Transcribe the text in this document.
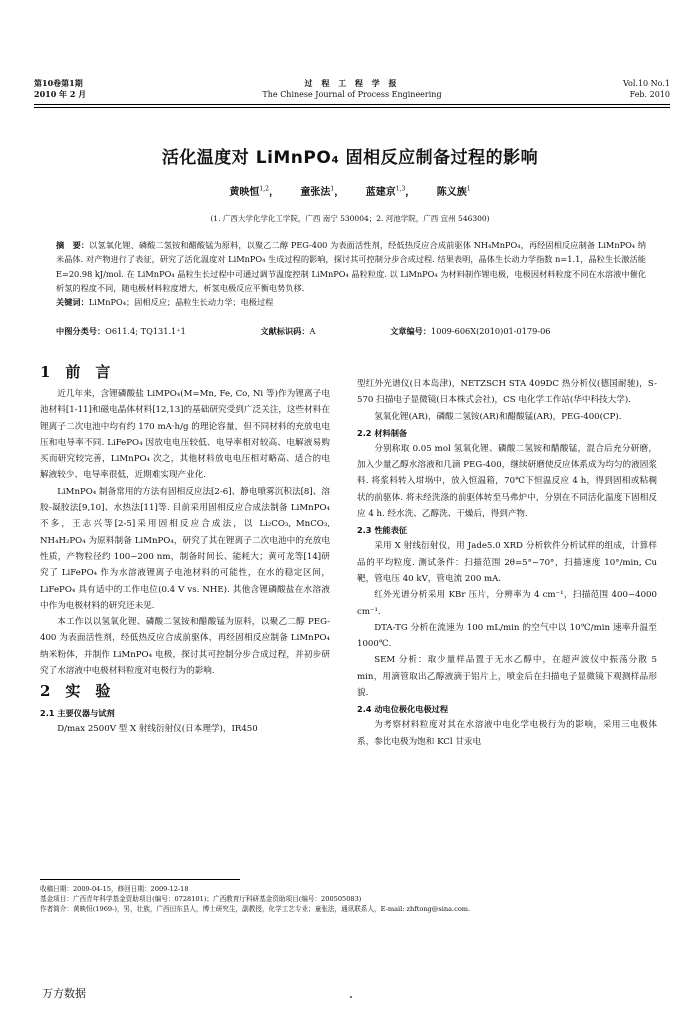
第10卷第1期
2010 年 2 月
过 程 工 程 学 报
The Chinese Journal of Process Engineering
Vol.10 No.1
Feb. 2010
活化温度对 LiMnPO₄ 固相反应制备过程的影响
黄映恒$^{1,2}$， 童张法$^1$， 蓝建京$^{1,3}$， 陈义族$^1$
(1. 广西大学化学化工学院，广西 南宁 530004；2. 河池学院，广西 宜州 546300)
摘　要：以氢氧化锂、磷酸二氢铵和醋酸锰为原料，以聚乙二醇 PEG-400 为表面活性剂，经低热反应合成前驱体 NH₄MnPO₄，再经固相反应制备 LiMnPO₄ 纳米晶体. 对产物进行了表征，研究了活化温度对 LiMnPO₄ 生成过程的影响，探讨其可控制分步合成过程. 结果表明，晶体生长动力学指数 n=1.1，晶粒生长激活能 E=20.98 kJ/mol. 在 LiMnPO₄ 晶粒生长过程中可通过调节温度控制 LiMnPO₄ 晶粒粒度. 以 LiMnPO₄ 为材料制作锂电极，电极因材料粒度不同在水溶液中催化析氢的程度不同，随电极材料粒度增大，析氢电极反应平衡电势负移.
关键词：LiMnPO₄；固相反应；晶粒生长动力学；电极过程
中图分类号：O611.4; TQ131.1⁺1	文献标识码：A	文章编号：1009-606X(2010)01-0179-06
1　前　言

近几年来，含锂磷酸盐 LiMPO₄(M=Mn, Fe, Co, Ni 等)作为锂离子电池材料[1-11]和磁电晶体材料[12,13]的基础研究受到广泛关注，这些材料在锂离子二次电池中均有约 170 mA·h/g 的理论容量，但不同材料的充放电电压和电导率不同. LiFePO₄ 因放电电压较低、电导率相对较高、电解液易购买而研究较完善，LiMnPO₄ 次之，其他材料放电电压相对略高、适合的电解液较少、电导率很低，近期难实现产业化.

LiMnPO₄ 制备常用的方法有固相反应法[2-6]、静电喷雾沉积法[8]、溶胶-凝胶法[9,10]、水热法[11]等. 目前采用固相反应合成法制备 LiMnPO₄ 不多，王志兴等[2-5]采用固相反应合成法，以 Li₂CO₃, MnCO₃, NH₄H₂PO₄ 为原料制备 LiMnPO₄，研究了其在锂离子二次电池中的充放电性质，产物粒径约 100~200 nm，制备时间长、能耗大；黄可龙等[14]研究了 LiFePO₄ 作为水溶液锂离子电池材料的可能性，在水的稳定区间，LiFePO₄ 具有适中的工作电位(0.4 V vs. NHE). 其他含锂磷酸盐在水溶液中作为电极材料的研究还未见.

本工作以以氢氧化锂、磷酸二氢铵和醋酸锰为原料，以聚乙二醇 PEG-400 为表面活性剂，经低热反应合成前驱体，再经固相反应制备 LiMnPO₄ 纳米粉体，并制作 LiMnPO₄ 电极，探讨其可控制分步合成过程，并初步研究了水溶液中电极材料粒度对电极行为的影响.

2　实　验
2.1 主要仪器与试剂

D/max 2500V 型 X 射线衍射仪(日本理学)，IR450

型红外光谱仪(日本岛津)，NETZSCH STA 409DC 热分析仪(德国耐驰)，S-570 扫描电子显微镜(日本株式会社)，CS 电化学工作站(华中科技大学).

氢氧化锂(AR)，磷酸二氢铵(AR)和醋酸锰(AR)，PEG-400(CP).

2.2 材料制备

分别称取 0.05 mol 氢氧化锂、磷酸二氢铵和醋酸锰，混合后充分研磨，加入少量乙醇水溶液和几滴 PEG-400，继续研磨使反应体系成为均匀的液固浆料. 将浆料转入坩埚中，放入恒温箱，70℃下恒温反应 4 h，得到固相或粘稠状的前驱体. 将未经洗涤的前驱体转至马弗炉中，分别在不同活化温度下固相反应 4 h. 经水洗、乙醇洗、干燥后，得到产物.

2.3 性能表征

采用 X 射线衍射仪，用 Jade5.0 XRD 分析软件分析试样的组成，计算样品的平均粒度. 测试条件：扫描范围 2θ=5°~70°，扫描速度 10°/min, Cu 靶，管电压 40 kV，管电流 200 mA.

红外光谱分析采用 KBr 压片，分辨率为 4 cm⁻¹，扫描范围 400~4000 cm⁻¹.

DTA-TG 分析在流速为 100 mL/min 的空气中以 10℃/min 速率升温至 1000℃.

SEM 分析：取少量样品置于无水乙醇中，在超声波仪中振荡分散 5 min，用滴管取出乙醇液滴于铝片上，喷金后在扫描电子显微镜下观测样品形貌.

2.4 动电位极化电极过程

为考察材料粒度对其在水溶液中电化学电极行为的影响，采用三电极体系，参比电极为饱和 KCl 甘汞电

收稿日期：2009-04-15，修回日期：2009-12-18
基金项目：广西青年科学基金资助项目(编号：0728101)；广西教育厅科研基金资助项目(编号：200505083)
作者简介：黄映恒(1969-)，男，壮族，广西田东县人，博士研究生，副教授，化学工艺专业；童张法，通讯联系人，E-mail: zhftong@sina.com.
万方数据
